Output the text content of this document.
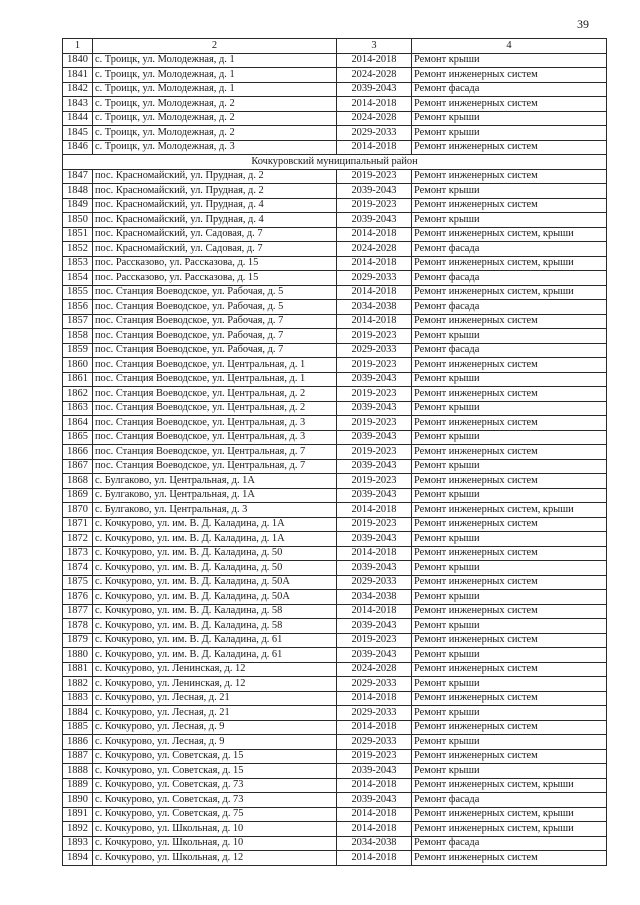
39
1	2	3	4
1840	с. Троицк, ул. Молодежная, д. 1	2014-2018	Ремонт крыши
1841	с. Троицк, ул. Молодежная, д. 1	2024-2028	Ремонт инженерных систем
1842	с. Троицк, ул. Молодежная, д. 1	2039-2043	Ремонт фасада
1843	с. Троицк, ул. Молодежная, д. 2	2014-2018	Ремонт инженерных систем
1844	с. Троицк, ул. Молодежная, д. 2	2024-2028	Ремонт крыши
1845	с. Троицк, ул. Молодежная, д. 2	2029-2033	Ремонт крыши
1846	с. Троицк, ул. Молодежная, д. 3	2014-2018	Ремонт инженерных систем
Кочкуровский муниципальный район			
1847	пос. Красномайский, ул. Прудная, д. 2	2019-2023	Ремонт инженерных систем
1848	пос. Красномайский, ул. Прудная, д. 2	2039-2043	Ремонт крыши
1849	пос. Красномайский, ул. Прудная, д. 4	2019-2023	Ремонт инженерных систем
1850	пос. Красномайский, ул. Прудная, д. 4	2039-2043	Ремонт крыши
1851	пос. Красномайский, ул. Садовая, д. 7	2014-2018	Ремонт инженерных систем, крыши
1852	пос. Красномайский, ул. Садовая, д. 7	2024-2028	Ремонт фасада
1853	пос. Рассказово, ул. Рассказова, д. 15	2014-2018	Ремонт инженерных систем, крыши
1854	пос. Рассказово, ул. Рассказова, д. 15	2029-2033	Ремонт фасада
1855	пос. Станция Воеводское, ул. Рабочая, д. 5	2014-2018	Ремонт инженерных систем, крыши
1856	пос. Станция Воеводское, ул. Рабочая, д. 5	2034-2038	Ремонт фасада
1857	пос. Станция Воеводское, ул. Рабочая, д. 7	2014-2018	Ремонт инженерных систем
1858	пос. Станция Воеводское, ул. Рабочая, д. 7	2019-2023	Ремонт крыши
1859	пос. Станция Воеводское, ул. Рабочая, д. 7	2029-2033	Ремонт фасада
1860	пос. Станция Воеводское, ул. Центральная, д. 1	2019-2023	Ремонт инженерных систем
1861	пос. Станция Воеводское, ул. Центральная, д. 1	2039-2043	Ремонт крыши
1862	пос. Станция Воеводское, ул. Центральная, д. 2	2019-2023	Ремонт инженерных систем
1863	пос. Станция Воеводское, ул. Центральная, д. 2	2039-2043	Ремонт крыши
1864	пос. Станция Воеводское, ул. Центральная, д. 3	2019-2023	Ремонт инженерных систем
1865	пос. Станция Воеводское, ул. Центральная, д. 3	2039-2043	Ремонт крыши
1866	пос. Станция Воеводское, ул. Центральная, д. 7	2019-2023	Ремонт инженерных систем
1867	пос. Станция Воеводское, ул. Центральная, д. 7	2039-2043	Ремонт крыши
1868	с. Булгаково, ул. Центральная, д. 1А	2019-2023	Ремонт инженерных систем
1869	с. Булгаково, ул. Центральная, д. 1А	2039-2043	Ремонт крыши
1870	с. Булгаково, ул. Центральная, д. 3	2014-2018	Ремонт инженерных систем, крыши
1871	с. Кочкурово, ул. им. В. Д. Каладина, д. 1А	2019-2023	Ремонт инженерных систем
1872	с. Кочкурово, ул. им. В. Д. Каладина, д. 1А	2039-2043	Ремонт крыши
1873	с. Кочкурово, ул. им. В. Д. Каладина, д. 50	2014-2018	Ремонт инженерных систем
1874	с. Кочкурово, ул. им. В. Д. Каладина, д. 50	2039-2043	Ремонт крыши
1875	с. Кочкурово, ул. им. В. Д. Каладина, д. 50А	2029-2033	Ремонт инженерных систем
1876	с. Кочкурово, ул. им. В. Д. Каладина, д. 50А	2034-2038	Ремонт крыши
1877	с. Кочкурово, ул. им. В. Д. Каладина, д. 58	2014-2018	Ремонт инженерных систем
1878	с. Кочкурово, ул. им. В. Д. Каладина, д. 58	2039-2043	Ремонт крыши
1879	с. Кочкурово, ул. им. В. Д. Каладина, д. 61	2019-2023	Ремонт инженерных систем
1880	с. Кочкурово, ул. им. В. Д. Каладина, д. 61	2039-2043	Ремонт крыши
1881	с. Кочкурово, ул. Ленинская, д. 12	2024-2028	Ремонт инженерных систем
1882	с. Кочкурово, ул. Ленинская, д. 12	2029-2033	Ремонт крыши
1883	с. Кочкурово, ул. Лесная, д. 21	2014-2018	Ремонт инженерных систем
1884	с. Кочкурово, ул. Лесная, д. 21	2029-2033	Ремонт крыши
1885	с. Кочкурово, ул. Лесная, д. 9	2014-2018	Ремонт инженерных систем
1886	с. Кочкурово, ул. Лесная, д. 9	2029-2033	Ремонт крыши
1887	с. Кочкурово, ул. Советская, д. 15	2019-2023	Ремонт инженерных систем
1888	с. Кочкурово, ул. Советская, д. 15	2039-2043	Ремонт крыши
1889	с. Кочкурово, ул. Советская, д. 73	2014-2018	Ремонт инженерных систем, крыши
1890	с. Кочкурово, ул. Советская, д. 73	2039-2043	Ремонт фасада
1891	с. Кочкурово, ул. Советская, д. 75	2014-2018	Ремонт инженерных систем, крыши
1892	с. Кочкурово, ул. Школьная, д. 10	2014-2018	Ремонт инженерных систем, крыши
1893	с. Кочкурово, ул. Школьная, д. 10	2034-2038	Ремонт фасада
1894	с. Кочкурово, ул. Школьная, д. 12	2014-2018	Ремонт инженерных систем
